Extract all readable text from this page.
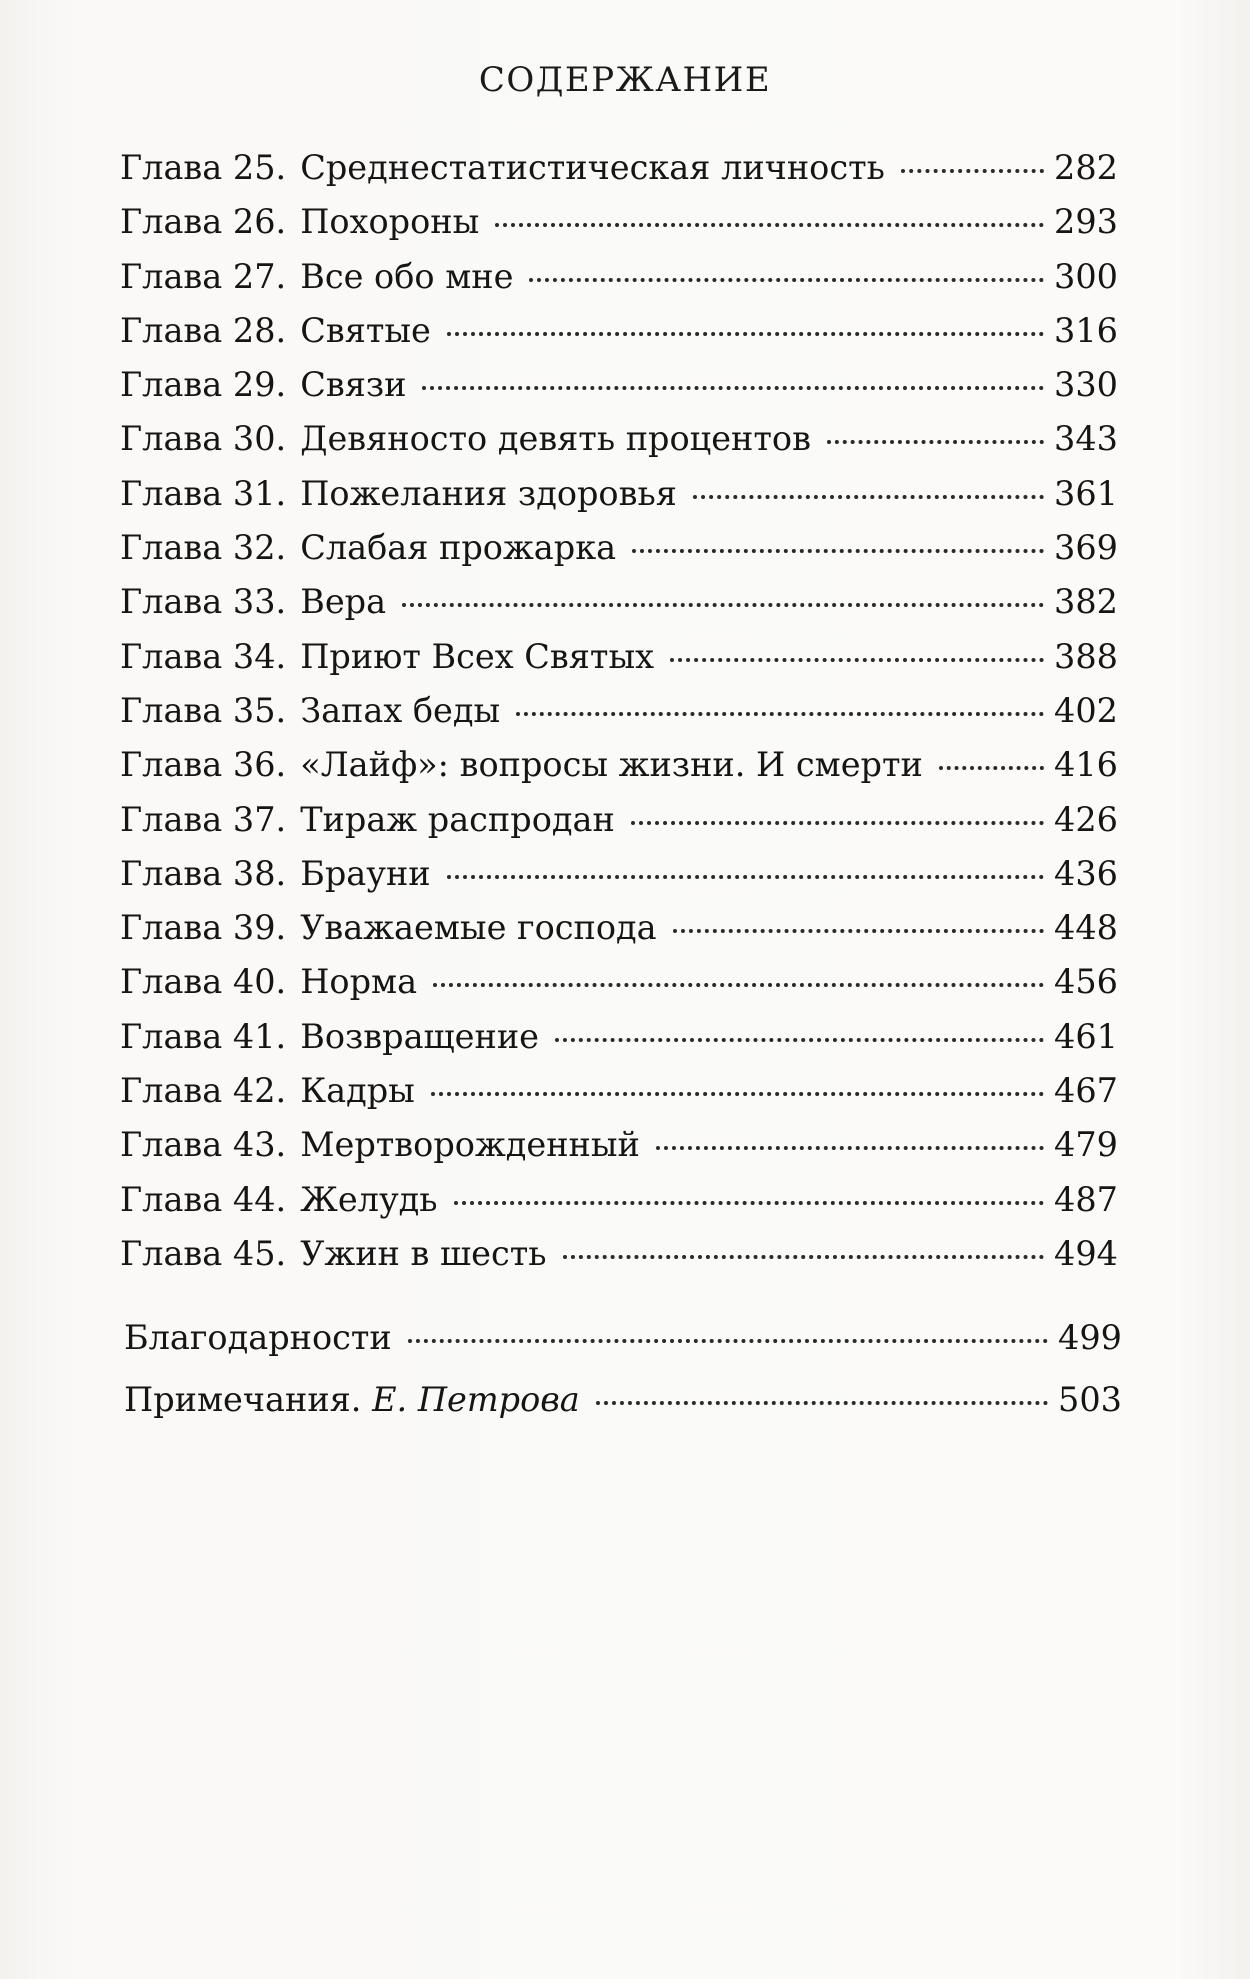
СОДЕРЖАНИЕ
Глава 25. Среднестатистическая личность	282
Глава 26. Похороны	293
Глава 27. Все обо мне	300
Глава 28. Святые	316
Глава 29. Связи	330
Глава 30. Девяносто девять процентов	343
Глава 31. Пожелания здоровья	361
Глава 32. Слабая прожарка	369
Глава 33. Вера	382
Глава 34. Приют Всех Святых	388
Глава 35. Запах беды	402
Глава 36. «Лайф»: вопросы жизни. И смерти	416
Глава 37. Тираж распродан	426
Глава 38. Брауни	436
Глава 39. Уважаемые господа	448
Глава 40. Норма	456
Глава 41. Возвращение	461
Глава 42. Кадры	467
Глава 43. Мертворожденный	479
Глава 44. Желудь	487
Глава 45. Ужин в шесть	494
Благодарности	499
Примечания. Е. Петрова	503
